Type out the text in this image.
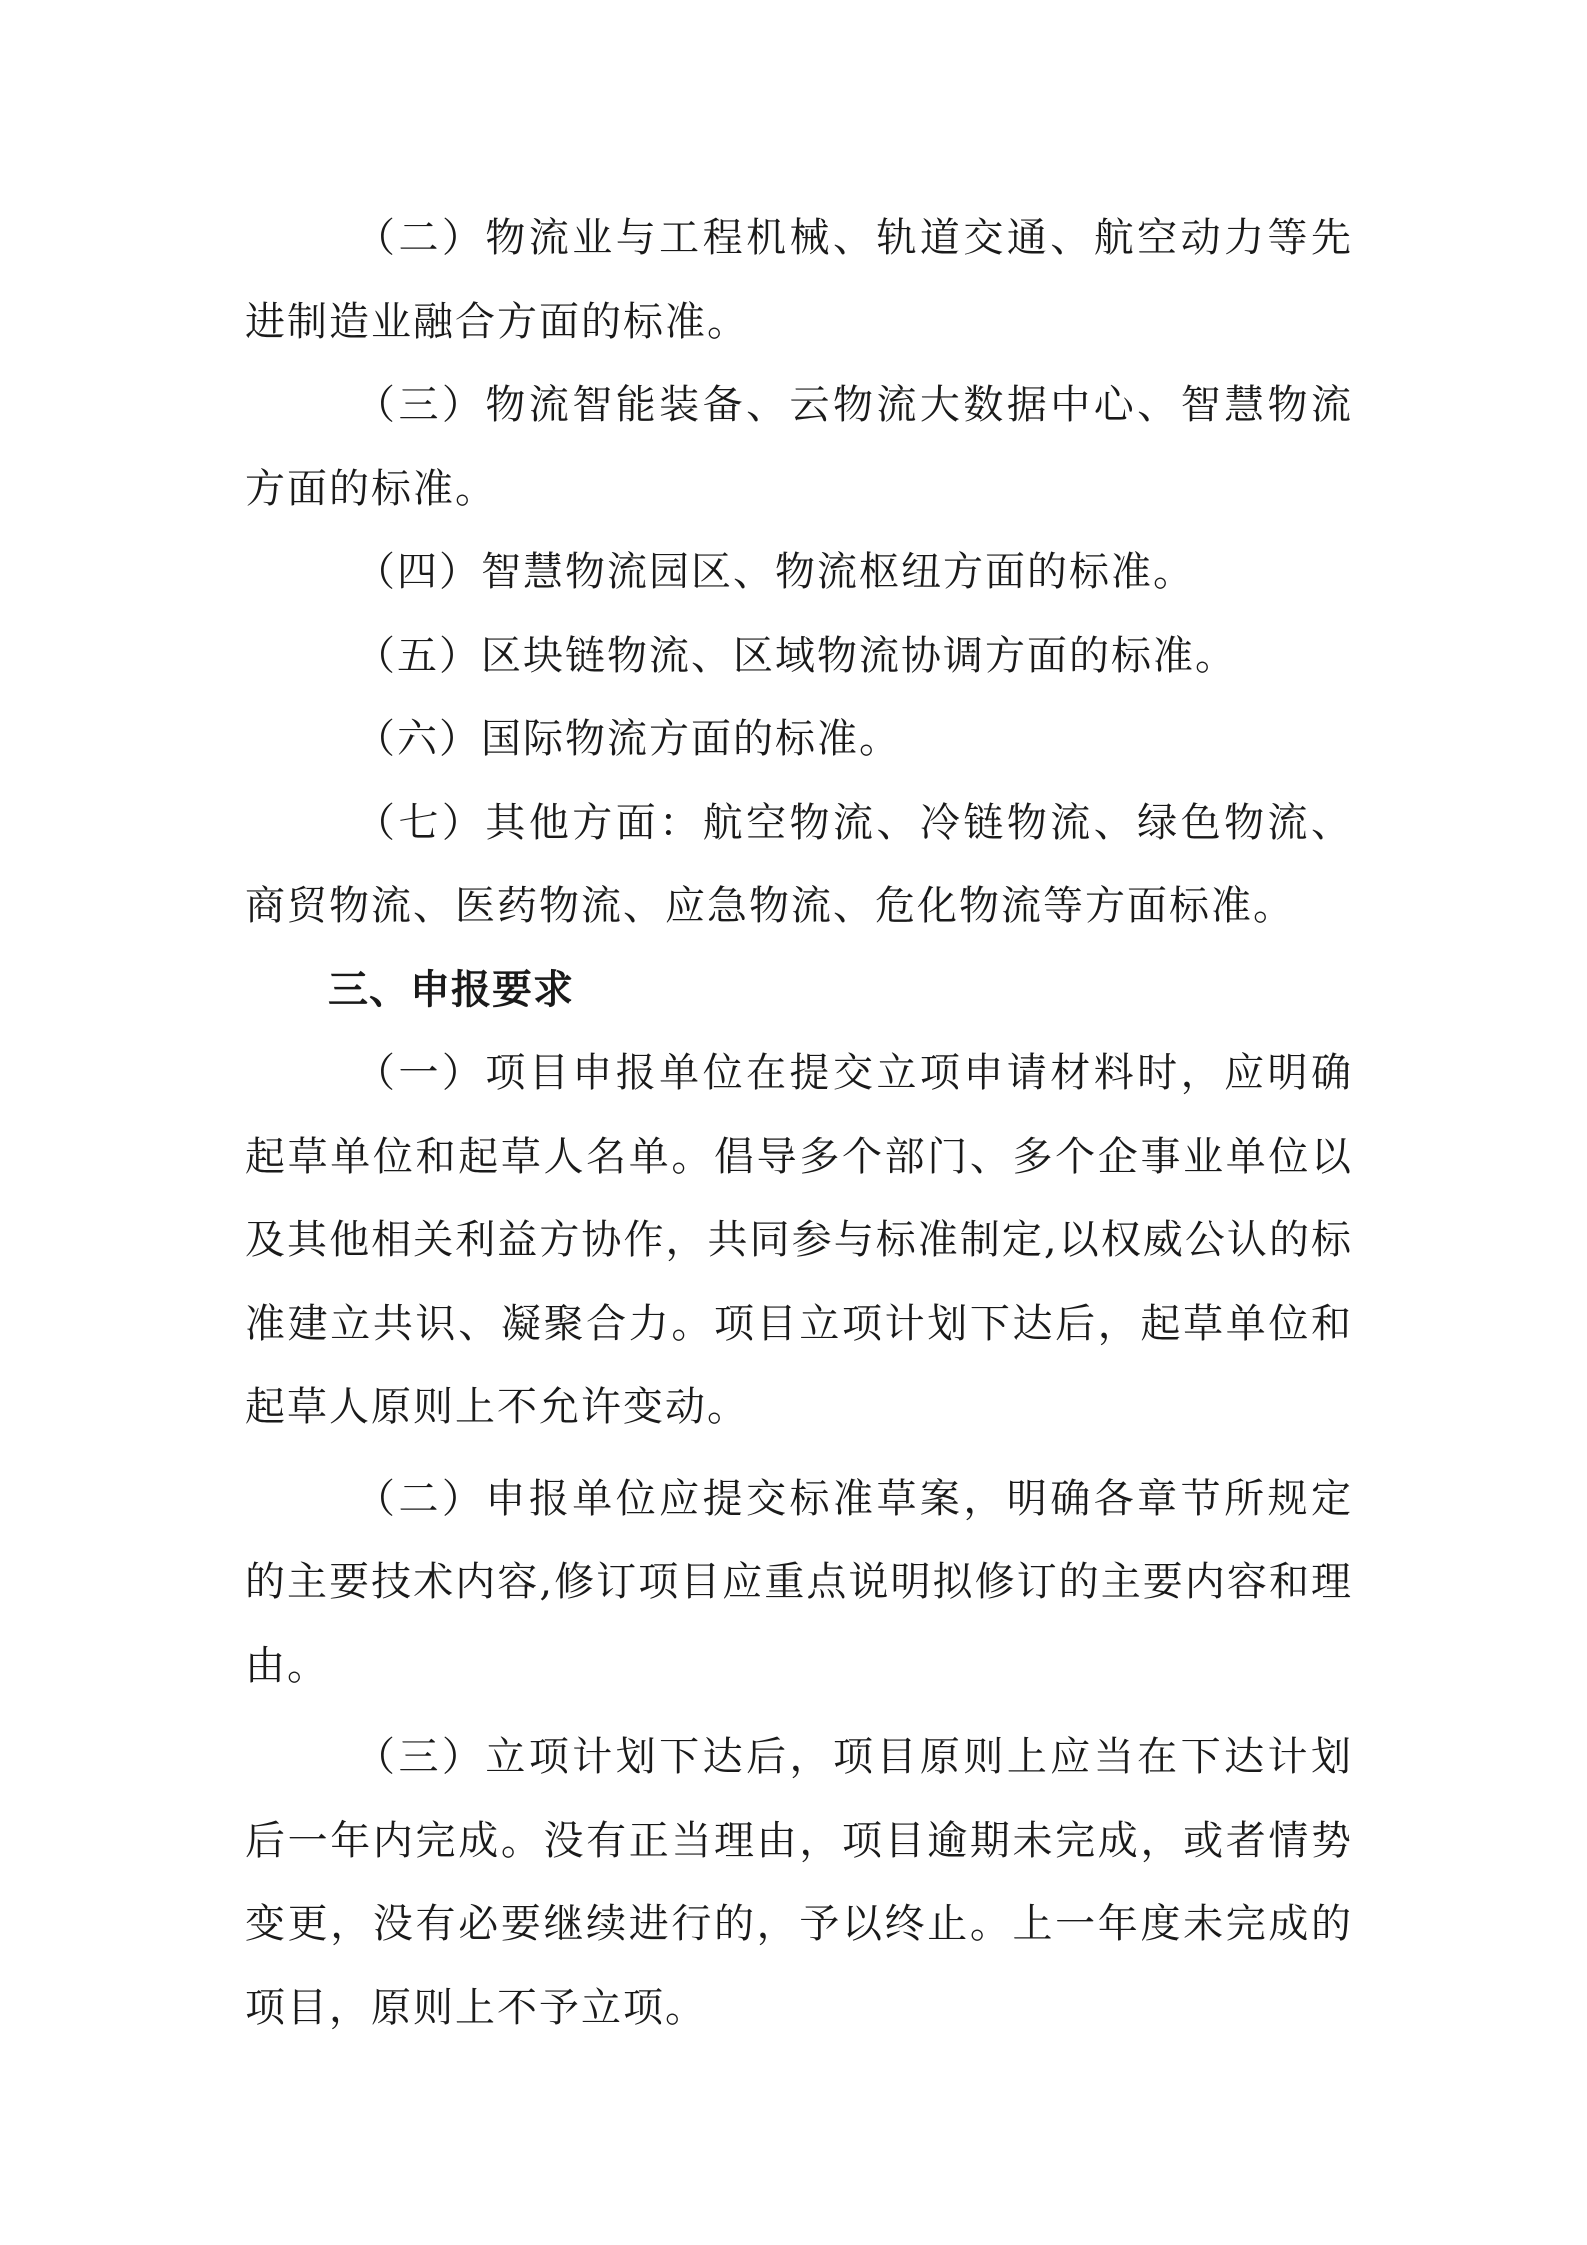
（二）物流业与工程机械、轨道交通、航空动力等先进制造业融合方面的标准。

（三）物流智能装备、云物流大数据中心、智慧物流方面的标准。

（四）智慧物流园区、物流枢纽方面的标准。

（五）区块链物流、区域物流协调方面的标准。

（六）国际物流方面的标准。

（七）其他方面：航空物流、冷链物流、绿色物流、商贸物流、医药物流、应急物流、危化物流等方面标准。

三、申报要求

（一）项目申报单位在提交立项申请材料时，应明确起草单位和起草人名单。倡导多个部门、多个企事业单位以及其他相关利益方协作，共同参与标准制定,以权威公认的标准建立共识、凝聚合力。项目立项计划下达后，起草单位和起草人原则上不允许变动。

（二）申报单位应提交标准草案，明确各章节所规定的主要技术内容,修订项目应重点说明拟修订的主要内容和理由。

（三）立项计划下达后，项目原则上应当在下达计划后一年内完成。没有正当理由，项目逾期未完成，或者情势变更，没有必要继续进行的，予以终止。上一年度未完成的项目，原则上不予立项。
